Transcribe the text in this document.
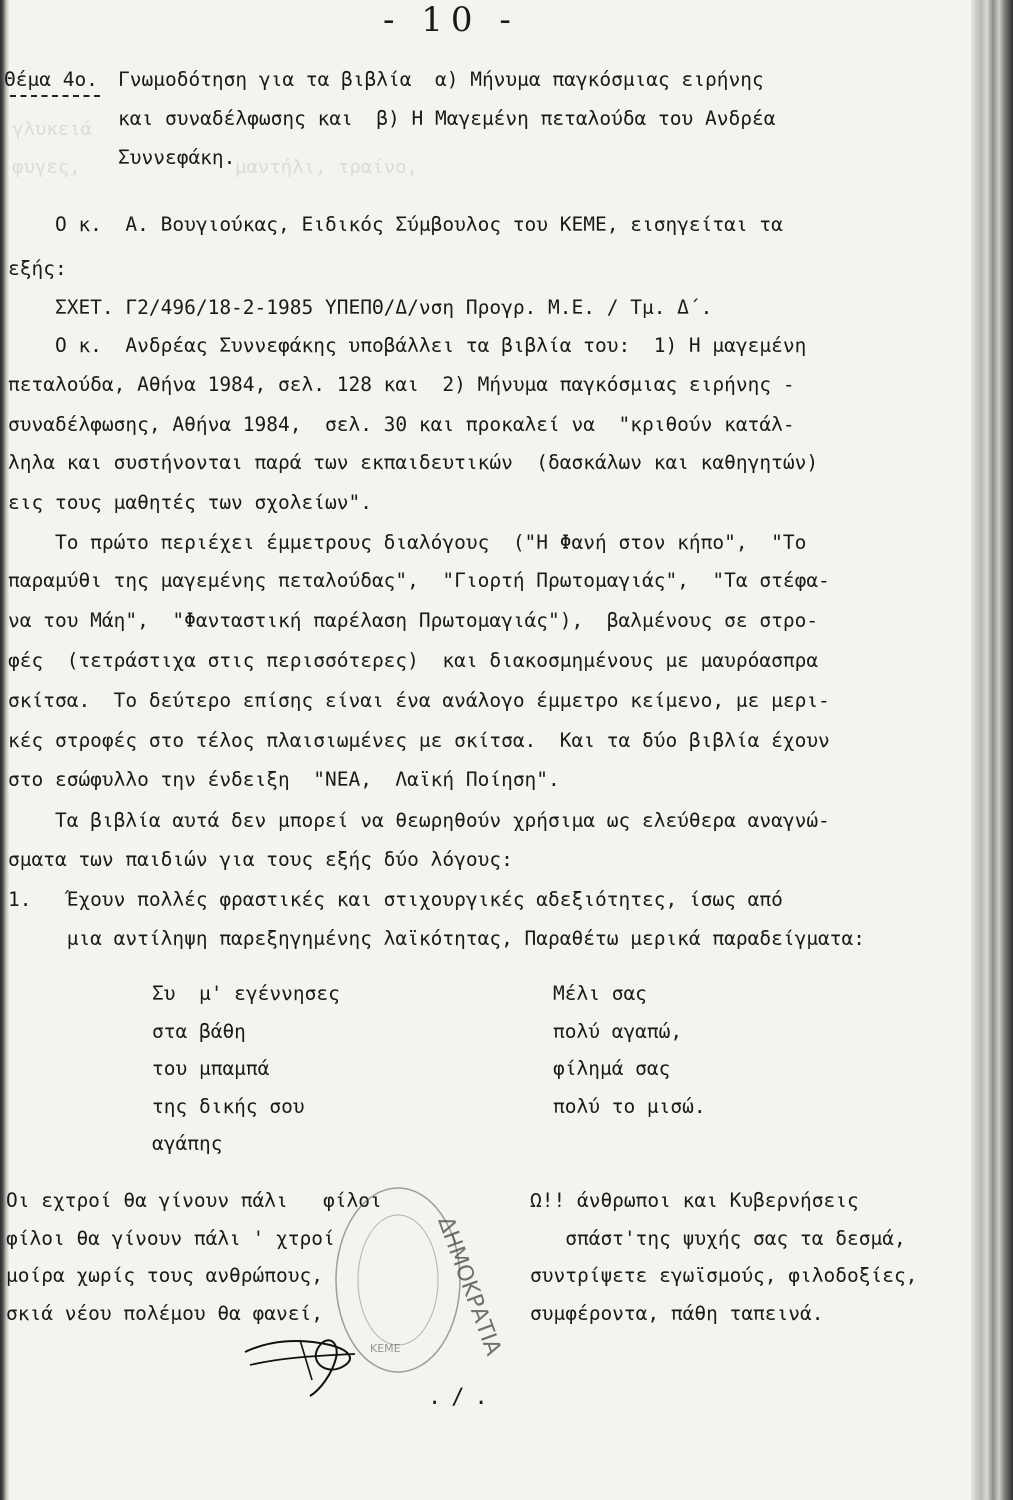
- 10 -
γλυκειά
φυγες,	μαντήλι, τραίνο,
Θέμα 4ο. Γνωμοδότηση για τα βιβλία  α) Μήνυμα παγκόσμιας ειρήνης
και συναδέλφωσης και  β) Η Μαγεμένη πεταλούδα του Ανδρέα
Συννεφάκη.
Ο κ.  Α. Βουγιούκας, Ειδικός Σύμβουλος του ΚΕΜΕ, εισηγείται τα
εξής:
ΣΧΕΤ. Γ2/496/18-2-1985 ΥΠΕΠΘ/Δ/νση Προγρ. Μ.Ε. / Τμ. Δ΄.
Ο κ.  Ανδρέας Συννεφάκης υποβάλλει τα βιβλία του:  1) Η μαγεμένη
πεταλούδα, Αθήνα 1984, σελ. 128 και  2) Μήνυμα παγκόσμιας ειρήνης -
συναδέλφωσης, Αθήνα 1984,  σελ. 30 και προκαλεί να  "κριθούν κατάλ-
ληλα και συστήνονται παρά των εκπαιδευτικών  (δασκάλων και καθηγητών)
εις τους μαθητές των σχολείων".
Το πρώτο περιέχει έμμετρους διαλόγους  ("Η Φανή στον κήπο",  "Το
παραμύθι της μαγεμένης πεταλούδας",  "Γιορτή Πρωτομαγιάς",  "Τα στέφα-
να του Μάη",  "Φανταστική παρέλαση Πρωτομαγιάς"),  βαλμένους σε στρο-
φές  (τετράστιχα στις περισσότερες)  και διακοσμημένους με μαυρόασπρα
σκίτσα.  Το δεύτερο επίσης είναι ένα ανάλογο έμμετρο κείμενο, με μερι-
κές στροφές στο τέλος πλαισιωμένες με σκίτσα.  Και τα δύο βιβλία έχουν
στο εσώφυλλο την ένδειξη  "ΝΕΑ,  Λαϊκή Ποίηση".
Τα βιβλία αυτά δεν μπορεί να θεωρηθούν χρήσιμα ως ελεύθερα αναγνώ-
σματα των παιδιών για τους εξής δύο λόγους:
1.   Έχουν πολλές φραστικές και στιχουργικές αδεξιότητες, ίσως από
μια αντίληψη παρεξηγημένης λαϊκότητας, Παραθέτω μερικά παραδείγματα:
Συ  μ' εγέννησες
στα βάθη
του μπαμπά
της δικής σου
αγάπης
Μέλι σας
πολύ αγαπώ,
φίλημά σας
πολύ το μισώ.
Οι εχτροί θα γίνουν πάλι   φίλοι
φίλοι θα γίνουν πάλι ' χτροί
μοίρα χωρίς τους ανθρώπους,
σκιά νέου πολέμου θα φανεί,
Ω!! άνθρωποι και Κυβερνήσεις
σπάστ'της ψυχής σας τα δεσμά,
συντρίψετε εγωϊσμούς, φιλοδοξίες,
συμφέροντα, πάθη ταπεινά.
ΔΗΜΟΚΡΑΤΙΑ
ΚΕΜΕ
./.
